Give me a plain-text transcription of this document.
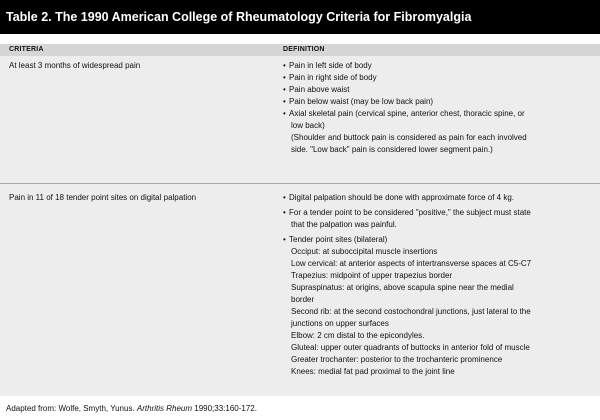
Table 2. The 1990 American College of Rheumatology Criteria for Fibromyalgia
CRITERIA	DEFINITION
At least 3 months of widespread pain	• Pain in left side of body
• Pain in right side of body
• Pain above waist
• Pain below waist (may be low back pain)
• Axial skeletal pain (cervical spine, anterior chest, thoracic spine, or
low back)
(Shoulder and buttock pain is considered as pain for each involved
side. "Low back" pain is considered lower segment pain.)
Pain in 11 of 18 tender point sites on digital palpation	• Digital palpation should be done with approximate force of 4 kg.
• For a tender point to be considered "positive," the subject must state
that the palpation was painful.
• Tender point sites (bilateral)
Occiput: at suboccipital muscle insertions
Low cervical: at anterior aspects of intertransverse spaces at C5-C7
Trapezius: midpoint of upper trapezius border
Supraspinatus: at origins, above scapula spine near the medial
border
Second rib: at the second costochondral junctions, just lateral to the
junctions on upper surfaces
Elbow: 2 cm distal to the epicondyles.
Gluteal: upper outer quadrants of buttocks in anterior fold of muscle
Greater trochanter: posterior to the trochanteric prominence
Knees: medial fat pad proximal to the joint line
Adapted from: Wolfe, Smyth, Yunus. Arthritis Rheum 1990;33:160-172.
